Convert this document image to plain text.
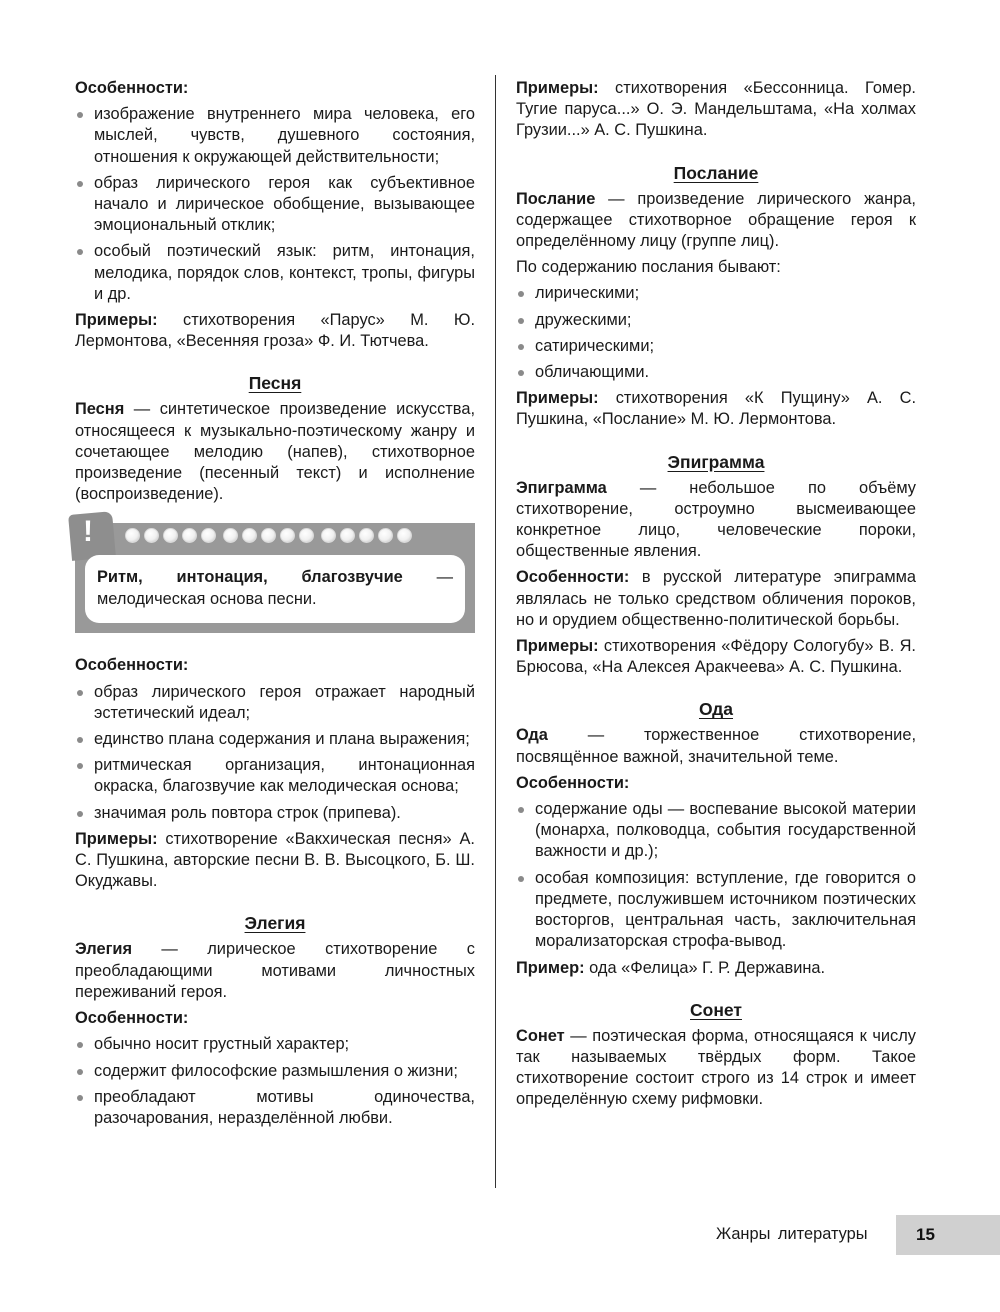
Особенности:
изображение внутреннего мира человека, его мыслей, чувств, душевного состояния, отношения к окружающей действительности;
образ лирического героя как субъективное начало и лирическое обобщение, вызывающее эмоциональный отклик;
особый поэтический язык: ритм, интонация, мелодика, порядок слов, контекст, тропы, фигуры и др.

Примеры: стихотворения «Парус» М. Ю. Лермонтова, «Весенняя гроза» Ф. И. Тютчева.

Песня

Песня — синтетическое произведение искусства, относящееся к музыкально-поэтическому жанру и сочетающее мелодию (напев), стихотворное произведение (песенный текст) и исполнение (воспроизведение).

!

Ритм, интонация, благозвучие — мелодическая основа песни.

Особенности:
образ лирического героя отражает народный эстетический идеал;
единство плана содержания и плана выражения;
ритмическая организация, интонационная окраска, благозвучие как мелодическая основа;
значимая роль повтора строк (припева).

Примеры: стихотворение «Вакхическая песня» А. С. Пушкина, авторские песни В. В. Высоцкого, Б. Ш. Окуджавы.

Элегия

Элегия — лирическое стихотворение с преобладающими мотивами личностных переживаний героя.

Особенности:
обычно носит грустный характер;
содержит философские размышления о жизни;
преобладают мотивы одиночества, разочарования, неразделённой любви.

Примеры: стихотворения «Бессонница. Гомер. Тугие паруса...» О. Э. Мандельштама, «На холмах Грузии...» А. С. Пушкина.

Послание

Послание — произведение лирического жанра, содержащее стихотворное обращение героя к определённому лицу (группе лиц).

По содержанию послания бывают:

лирическими;
дружескими;
сатирическими;
обличающими.

Примеры: стихотворения «К Пущину» А. С. Пушкина, «Послание» М. Ю. Лермонтова.

Эпиграмма

Эпиграмма — небольшое по объёму стихотворение, остроумно высмеивающее конкретное лицо, человеческие пороки, общественные явления.

Особенности: в русской литературе эпиграмма являлась не только средством обличения пороков, но и орудием общественно-политической борьбы.

Примеры: стихотворения «Фёдору Сологубу» В. Я. Брюсова, «На Алексея Аракчеева» А. С. Пушкина.

Ода

Ода — торжественное стихотворение, посвящённое важной, значительной теме.

Особенности:
содержание оды — воспевание высокой материи (монарха, полководца, события государственной важности и др.);
особая композиция: вступление, где говорится о предмете, послужившем источником поэтических восторгов, центральная часть, заключительная морализаторская строфа-вывод.

Пример: ода «Фелица» Г. Р. Державина.

Сонет

Сонет — поэтическая форма, относящаяся к числу так называемых твёрдых форм. Такое стихотворение состоит строго из 14 строк и имеет определённую схему рифмовки.

Жанры литературы	15
